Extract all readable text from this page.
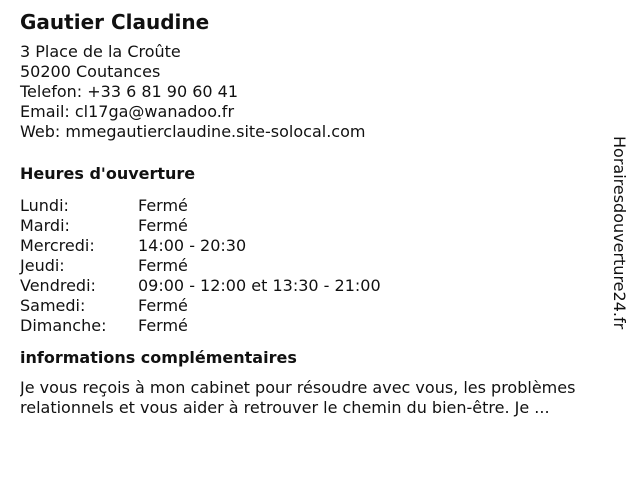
Gautier Claudine
3 Place de la Croûte
50200 Coutances
Telefon: +33 6 81 90 60 41
Email: cl17ga@wanadoo.fr
Web: mmegautierclaudine.site-solocal.com
Heures d'ouverture
Lundi:	Fermé
Mardi:	Fermé
Mercredi:	14:00 - 20:30
Jeudi:	Fermé
Vendredi:	09:00 - 12:00 et 13:30 - 21:00
Samedi:	Fermé
Dimanche:	Fermé
informations complémentaires

Je vous reçois à mon cabinet pour résoudre avec vous, les problèmes relationnels et vous aider à retrouver le chemin du bien-être. Je ...

Horairesdouverture24.fr
